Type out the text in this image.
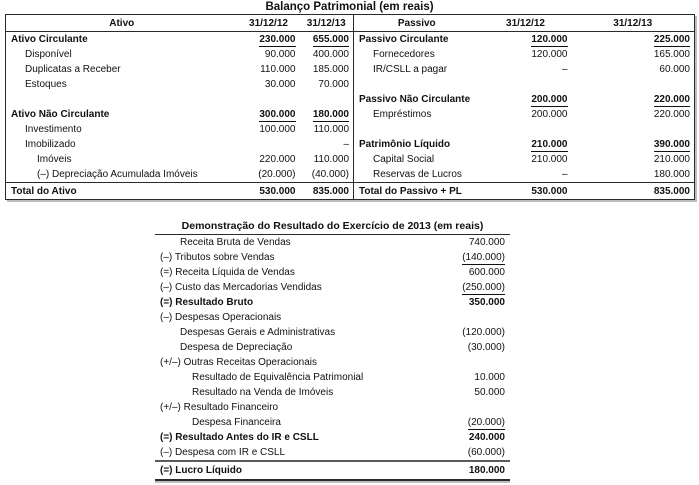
Balanço Patrimonial (em reais)
Ativo	31/12/12	31/12/13	Passivo	31/12/12	31/12/13
Ativo Circulante	230.000	655.000	Passivo Circulante	120.000	225.000
Disponível	90.000	400.000	Fornecedores	120.000	165.000
Duplicatas a Receber	110.000	185.000	IR/CSLL a pagar	–	60.000
Estoques	30.000	70.000			
			Passivo Não Circulante	200.000	220.000
Ativo Não Circulante	300.000	180.000	Empréstimos	200.000	220.000
Investimento	100.000	110.000			
Imobilizado		–	Patrimônio Líquido	210.000	390.000
Imóveis	220.000	110.000	Capital Social	210.000	210.000
(–) Depreciação Acumulada Imóveis	(20.000)	(40.000)	Reservas de Lucros	–	180.000
Total do Ativo	530.000	835.000	Total do Passivo + PL	530.000	835.000
Demonstração do Resultado do Exercício de 2013 (em reais)
Receita Bruta de Vendas	740.000
(–) Tributos sobre Vendas	(140.000)
(=) Receita Líquida de Vendas	600.000
(–) Custo das Mercadorias Vendidas	(250.000)
(=) Resultado Bruto	350.000
(–) Despesas Operacionais	
Despesas Gerais e Administrativas	(120.000)
Despesa de Depreciação	(30.000)
(+/–) Outras Receitas Operacionais	
Resultado de Equivalência Patrimonial	10.000
Resultado na Venda de Imóveis	50.000
(+/–) Resultado Financeiro	
Despesa Financeira	(20.000)
(=) Resultado Antes do IR e CSLL	240.000
(–) Despesa com IR e CSLL	(60.000)
(=) Lucro Líquido	180.000
